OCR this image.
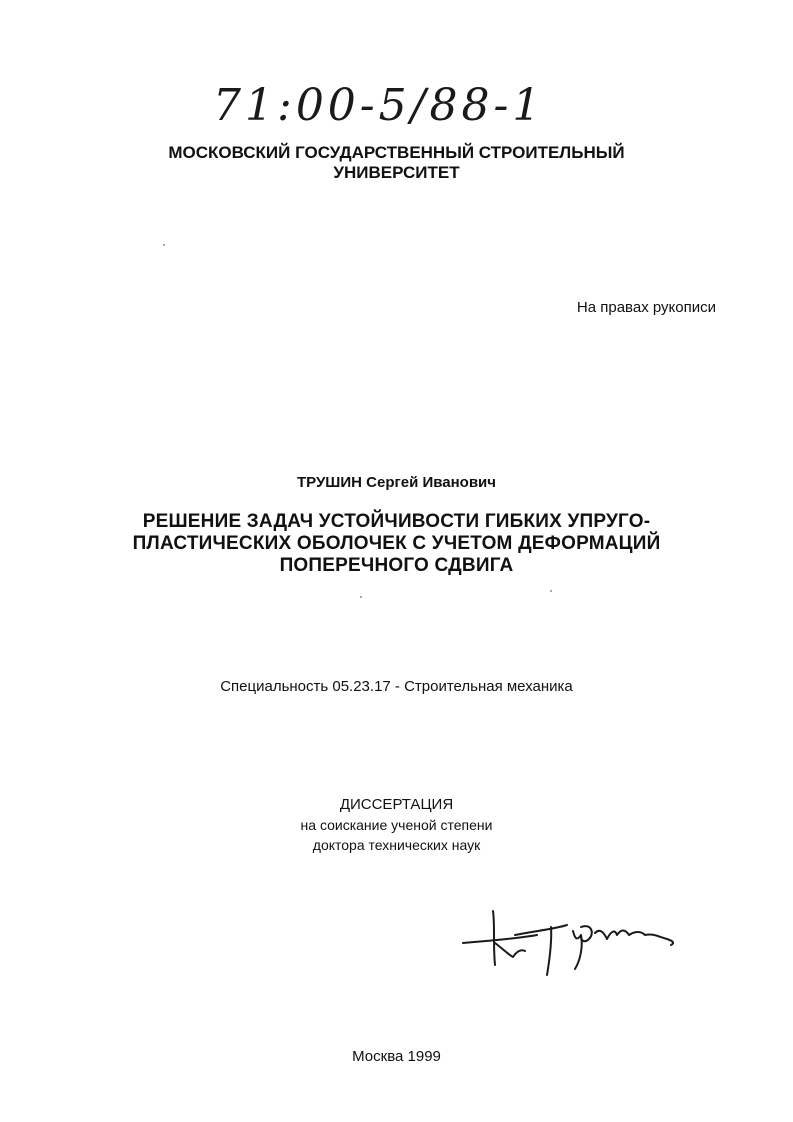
71:00-5/88-1
МОСКОВСКИЙ ГОСУДАРСТВЕННЫЙ СТРОИТЕЛЬНЫЙ
УНИВЕРСИТЕТ
На правах рукописи
ТРУШИН Сергей Иванович
РЕШЕНИЕ ЗАДАЧ УСТОЙЧИВОСТИ ГИБКИХ УПРУГО-
ПЛАСТИЧЕСКИХ ОБОЛОЧЕК С УЧЕТОМ ДЕФОРМАЦИЙ
ПОПЕРЕЧНОГО СДВИГА
Специальность 05.23.17 - Строительная механика
ДИССЕРТАЦИЯ
на соискание ученой степени
доктора технических наук
Москва 1999
